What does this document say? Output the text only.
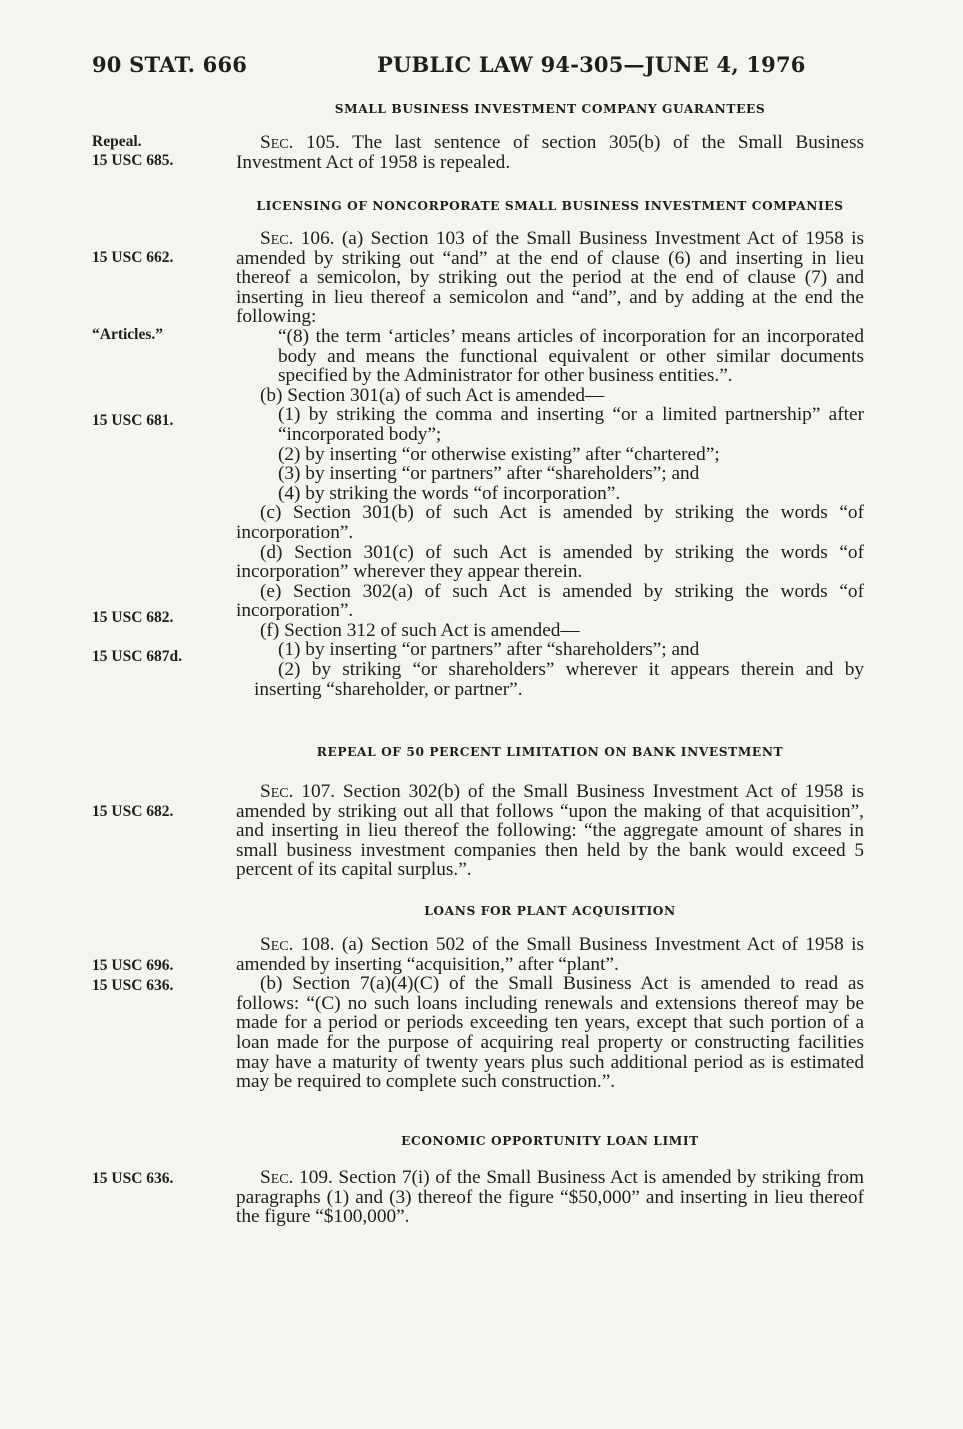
90 STAT. 666	PUBLIC LAW 94-305—JUNE 4, 1976
SMALL BUSINESS INVESTMENT COMPANY GUARANTEES
Repeal.
15 USC 685.

Sec. 105. The last sentence of section 305(b) of the Small Business Investment Act of 1958 is repealed.

LICENSING OF NONCORPORATE SMALL BUSINESS INVESTMENT COMPANIES
15 USC 662.
“Articles.”
15 USC 681.
15 USC 682.
15 USC 687d.

Sec. 106. (a) Section 103 of the Small Business Investment Act of 1958 is amended by striking out “and” at the end of clause (6) and inserting in lieu thereof a semicolon, by striking out the period at the end of clause (7) and inserting in lieu thereof a semicolon and “and”, and by adding at the end the following:

“(8) the term ‘articles’ means articles of incorporation for an incorporated body and means the functional equivalent or other similar documents specified by the Administrator for other business entities.”.

(b) Section 301(a) of such Act is amended—

(1) by striking the comma and inserting “or a limited partnership” after “incorporated body”;

(2) by inserting “or otherwise existing” after “chartered”;

(3) by inserting “or partners” after “shareholders”; and

(4) by striking the words “of incorporation”.

(c) Section 301(b) of such Act is amended by striking the words “of incorporation”.

(d) Section 301(c) of such Act is amended by striking the words “of incorporation” wherever they appear therein.

(e) Section 302(a) of such Act is amended by striking the words “of incorporation”.

(f) Section 312 of such Act is amended—

(1) by inserting “or partners” after “shareholders”; and

(2) by striking “or shareholders” wherever it appears therein and by inserting “shareholder, or partner”.

REPEAL OF 50 PERCENT LIMITATION ON BANK INVESTMENT
15 USC 682.

Sec. 107. Section 302(b) of the Small Business Investment Act of 1958 is amended by striking out all that follows “upon the making of that acquisition”, and inserting in lieu thereof the following: “the aggregate amount of shares in small business investment companies then held by the bank would exceed 5 percent of its capital surplus.”.

LOANS FOR PLANT ACQUISITION
15 USC 696.
15 USC 636.

Sec. 108. (a) Section 502 of the Small Business Investment Act of 1958 is amended by inserting “acquisition,” after “plant”.

(b) Section 7(a)(4)(C) of the Small Business Act is amended to read as follows: “(C) no such loans including renewals and extensions thereof may be made for a period or periods exceeding ten years, except that such portion of a loan made for the purpose of acquiring real property or constructing facilities may have a maturity of twenty years plus such additional period as is estimated may be required to complete such construction.”.

ECONOMIC OPPORTUNITY LOAN LIMIT
15 USC 636.	Sec. 109. Section 7(i) of the Small Business Act is amended by striking from paragraphs (1) and (3) thereof the figure “$50,000” and inserting in lieu thereof the figure “$100,000”.
